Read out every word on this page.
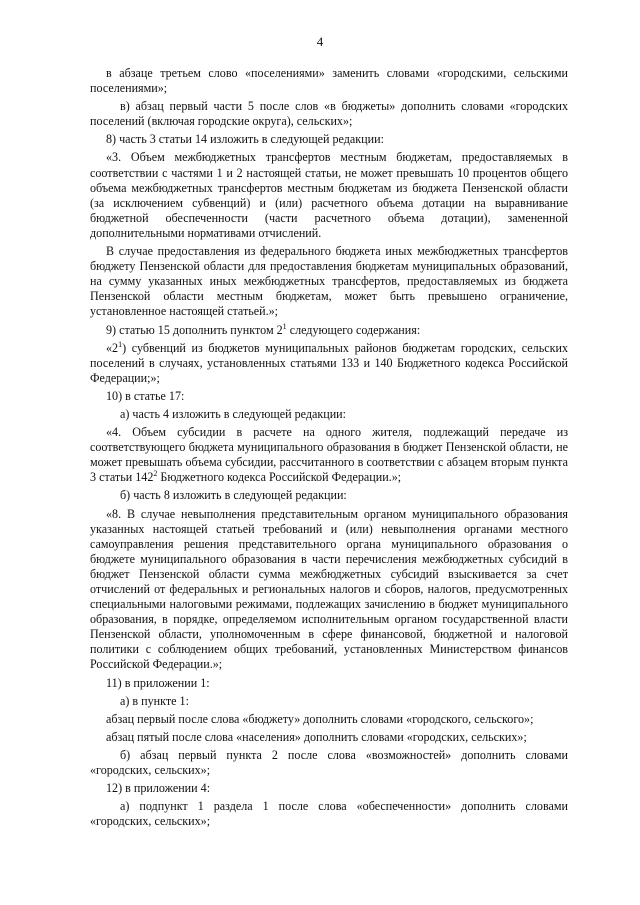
4

в абзаце третьем слово «поселениями» заменить словами «городскими, сельскими поселениями»;

в) абзац первый части 5 после слов «в бюджеты» дополнить словами «городских поселений (включая городские округа), сельских»;

8) часть 3 статьи 14 изложить в следующей редакции:

«3. Объем межбюджетных трансфертов местным бюджетам, предоставляемых в соответствии с частями 1 и 2 настоящей статьи, не может превышать 10 процентов общего объема межбюджетных трансфертов местным бюджетам из бюджета Пензенской области (за исключением субвенций) и (или) расчетного объема дотации на выравнивание бюджетной обеспеченности (части расчетного объема дотации), замененной дополнительными нормативами отчислений.

В случае предоставления из федерального бюджета иных межбюджетных трансфертов бюджету Пензенской области для предоставления бюджетам муниципальных образований, на сумму указанных иных межбюджетных трансфертов, предоставляемых из бюджета Пензенской области местным бюджетам, может быть превышено ограничение, установленное настоящей статьей.»;

9) статью 15 дополнить пунктом $2^1$ следующего содержания:

«$2^1$) субвенций из бюджетов муниципальных районов бюджетам городских, сельских поселений в случаях, установленных статьями 133 и 140 Бюджетного кодекса Российской Федерации;»;

10) в статье 17:

а) часть 4 изложить в следующей редакции:

«4. Объем субсидии в расчете на одного жителя, подлежащий передаче из соответствующего бюджета муниципального образования в бюджет Пензенской области, не может превышать объема субсидии, рассчитанного в соответствии с абзацем вторым пункта 3 статьи $142^2$ Бюджетного кодекса Российской Федерации.»;

б) часть 8 изложить в следующей редакции:

«8. В случае невыполнения представительным органом муниципального образования указанных настоящей статьей требований и (или) невыполнения органами местного самоуправления решения представительного органа муниципального образования о бюджете муниципального образования в части перечисления межбюджетных субсидий в бюджет Пензенской области сумма межбюджетных субсидий взыскивается за счет отчислений от федеральных и региональных налогов и сборов, налогов, предусмотренных специальными налоговыми режимами, подлежащих зачислению в бюджет муниципального образования, в порядке, определяемом исполнительным органом государственной власти Пензенской области, уполномоченным в сфере финансовой, бюджетной и налоговой политики с соблюдением общих требований, установленных Министерством финансов Российской Федерации.»;

11) в приложении 1:

а) в пункте 1:

абзац первый после слова «бюджету» дополнить словами «городского, сельского»;

абзац пятый после слова «населения» дополнить словами «городских, сельских»;

б) абзац первый пункта 2 после слова «возможностей» дополнить словами «городских, сельских»;

12) в приложении 4:

а) подпункт 1 раздела 1 после слова «обеспеченности» дополнить словами «городских, сельских»;
